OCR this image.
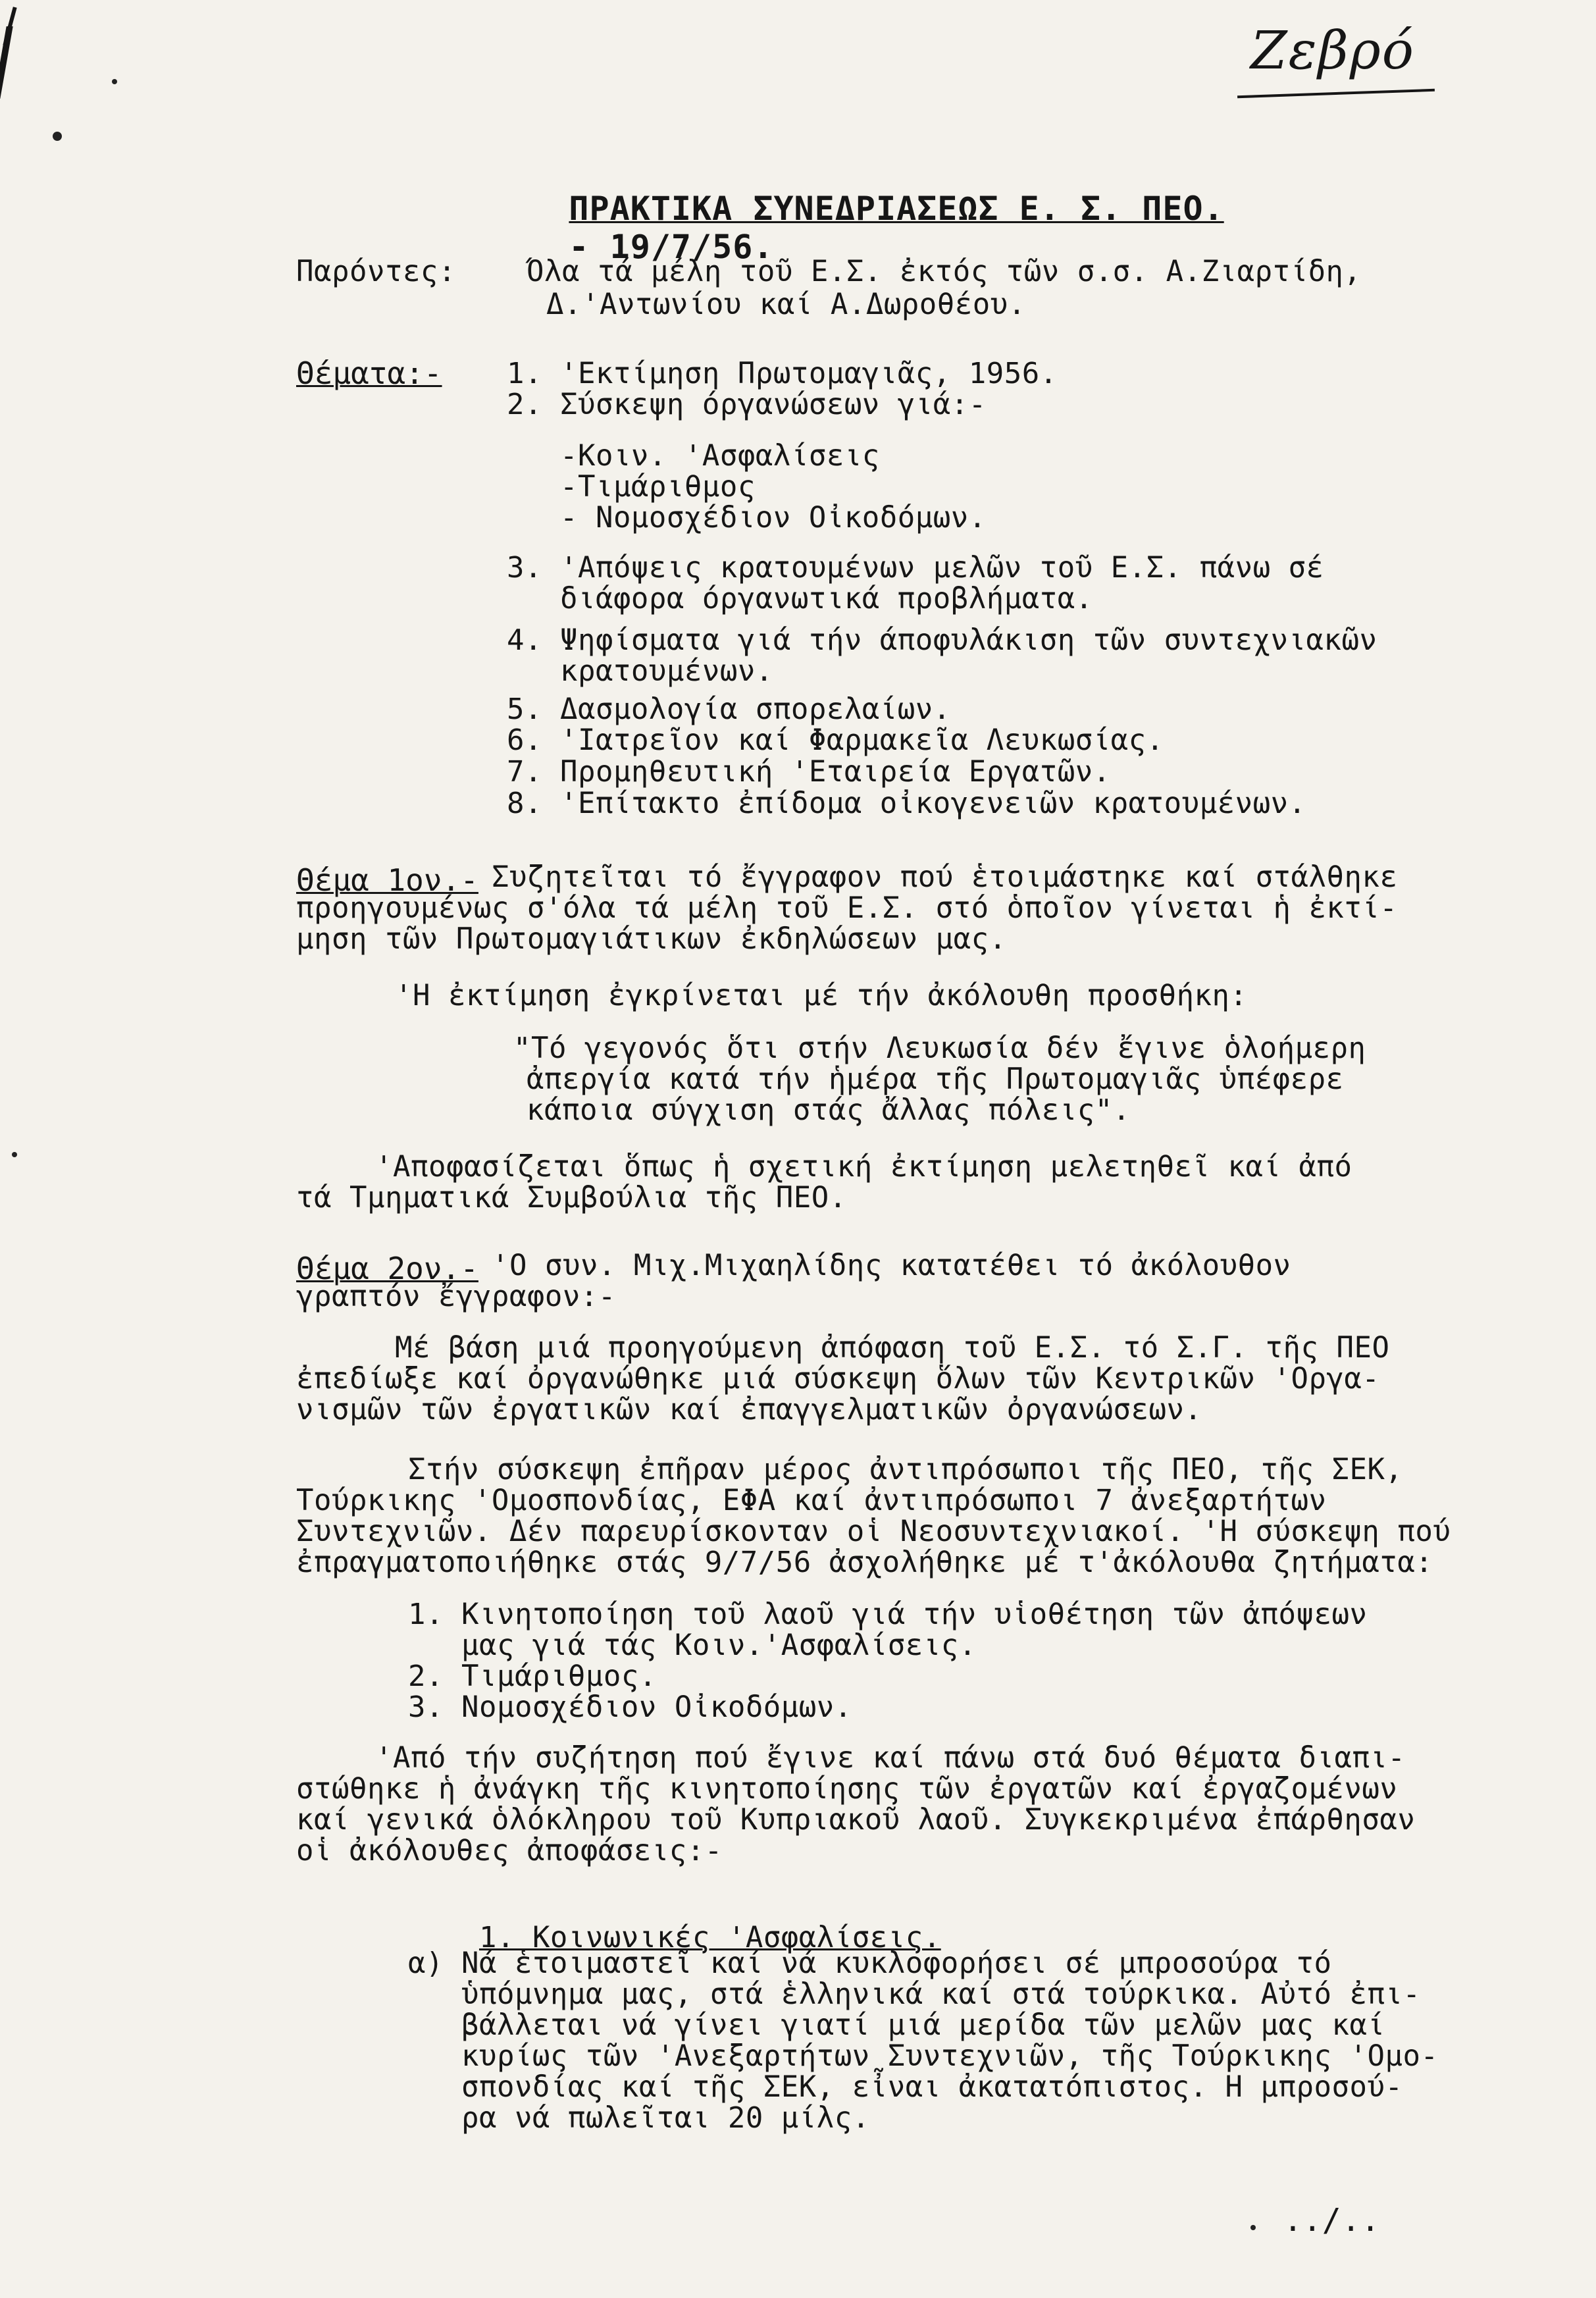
Ζεβρό

ΠΡΑΚΤΙΚΑ ΣΥΝΕΔΡΙΑΣΕΩΣ Ε. Σ. ΠΕΟ.
- 19/7/56.

Παρόντες: Όλα τά μέλη τοῦ Ε.Σ. ἐκτός τῶν σ.σ. Α.Ζιαρτίδη,
Δ.'Αντωνίου καί Α.Δωροθέου.
Θέματα:- 1. 'Εκτίμηση Πρωτομαγιᾶς, 1956.
2. Σύσκεψη όργανώσεων γιά:-
-Κοιν. 'Ασφαλίσεις
-Τιμάριθμος
- Νομοσχέδιον Οἰκοδόμων.
3. 'Απόψεις κρατουμένων μελῶν τοῦ Ε.Σ. πάνω σέ
διάφορα όργανωτικά προβλήματα.
4. Ψηφίσματα γιά τήν άποφυλάκιση τῶν συντεχνιακῶν
κρατουμένων.
5. Δασμολογία σπορελαίων.
6. 'Ιατρεῖον καί Φαρμακεῖα Λευκωσίας.
7. Προμηθευτική 'Εταιρεία Εργατῶν.
8. 'Επίτακτο ἐπίδομα οἰκογενειῶν κρατουμένων.
Θέμα 1ον.-
Συζητεῖται τό ἔγγραφον πού ἑτοιμάστηκε καί στάλθηκε
προηγουμένως σ'όλα τά μέλη τοῦ Ε.Σ. στό ὁποῖον γίνεται ἡ ἐκτί-
μηση τῶν Πρωτομαγιάτικων ἐκδηλώσεων μας.
'Η ἐκτίμηση ἐγκρίνεται μέ τήν ἀκόλουθη προσθήκη:
"Τό γεγονός ὅτι στήν Λευκωσία δέν ἔγινε ὁλοήμερη
ἀπεργία κατά τήν ἡμέρα τῆς Πρωτομαγιᾶς ὑπέφερε
κάποια σύγχιση στάς ἄλλας πόλεις".
'Αποφασίζεται ὅπως ἡ σχετική ἐκτίμηση μελετηθεῖ καί ἀπό
τά Τμηματικά Συμβούλια τῆς ΠΕΟ.
Θέμα 2ον.-
'Ο συν. Μιχ.Μιχαηλίδης κατατέθει τό ἀκόλουθον
γραπτόν ἔγγραφον:-
Μέ βάση μιά προηγούμενη ἀπόφαση τοῦ Ε.Σ. τό Σ.Γ. τῆς ΠΕΟ
ἐπεδίωξε καί ὀργανώθηκε μιά σύσκεψη ὅλων τῶν Κεντρικῶν 'Οργα-
νισμῶν τῶν ἐργατικῶν καί ἐπαγγελματικῶν ὀργανώσεων.
Στήν σύσκεψη ἐπῆραν μέρος ἀντιπρόσωποι τῆς ΠΕΟ, τῆς ΣΕΚ,
Τούρκικης 'Ομοσπονδίας, ΕΦΑ καί ἀντιπρόσωποι 7 ἀνεξαρτήτων
Συντεχνιῶν. Δέν παρευρίσκονταν οἱ Νεοσυντεχνιακοί. 'Η σύσκεψη πού
ἐπραγματοποιήθηκε στάς 9/7/56 ἀσχολήθηκε μέ τ'ἀκόλουθα ζητήματα:
1. Κινητοποίηση τοῦ λαοῦ γιά τήν υἱοθέτηση τῶν ἀπόψεων
μας γιά τάς Κοιν.'Ασφαλίσεις.
2. Τιμάριθμος.
3. Νομοσχέδιον Οἰκοδόμων.
'Από τήν συζήτηση πού ἔγινε καί πάνω στά δυό θέματα διαπι-
στώθηκε ἡ ἀνάγκη τῆς κινητοποίησης τῶν ἐργατῶν καί ἐργαζομένων
καί γενικά ὁλόκληρου τοῦ Κυπριακοῦ λαοῦ. Συγκεκριμένα ἐπάρθησαν
οἱ ἀκόλουθες ἀποφάσεις:-

1. Κοινωνικές 'Ασφαλίσεις.

α) Νά ἑτοιμαστεῖ καί νά κυκλοφορήσει σέ μπροσούρα τό
ὑπόμνημα μας, στά ἑλληνικά καί στά τούρκικα. Αὐτό ἐπι-
βάλλεται νά γίνει γιατί μιά μερίδα τῶν μελῶν μας καί
κυρίως τῶν 'Ανεξαρτήτων Συντεχνιῶν, τῆς Τούρκικης 'Ομο-
σπονδίας καί τῆς ΣΕΚ, εἶναι ἀκατατόπιστος. Η μπροσού-
ρα νά πωλεῖται 20 μίλς.
../..
